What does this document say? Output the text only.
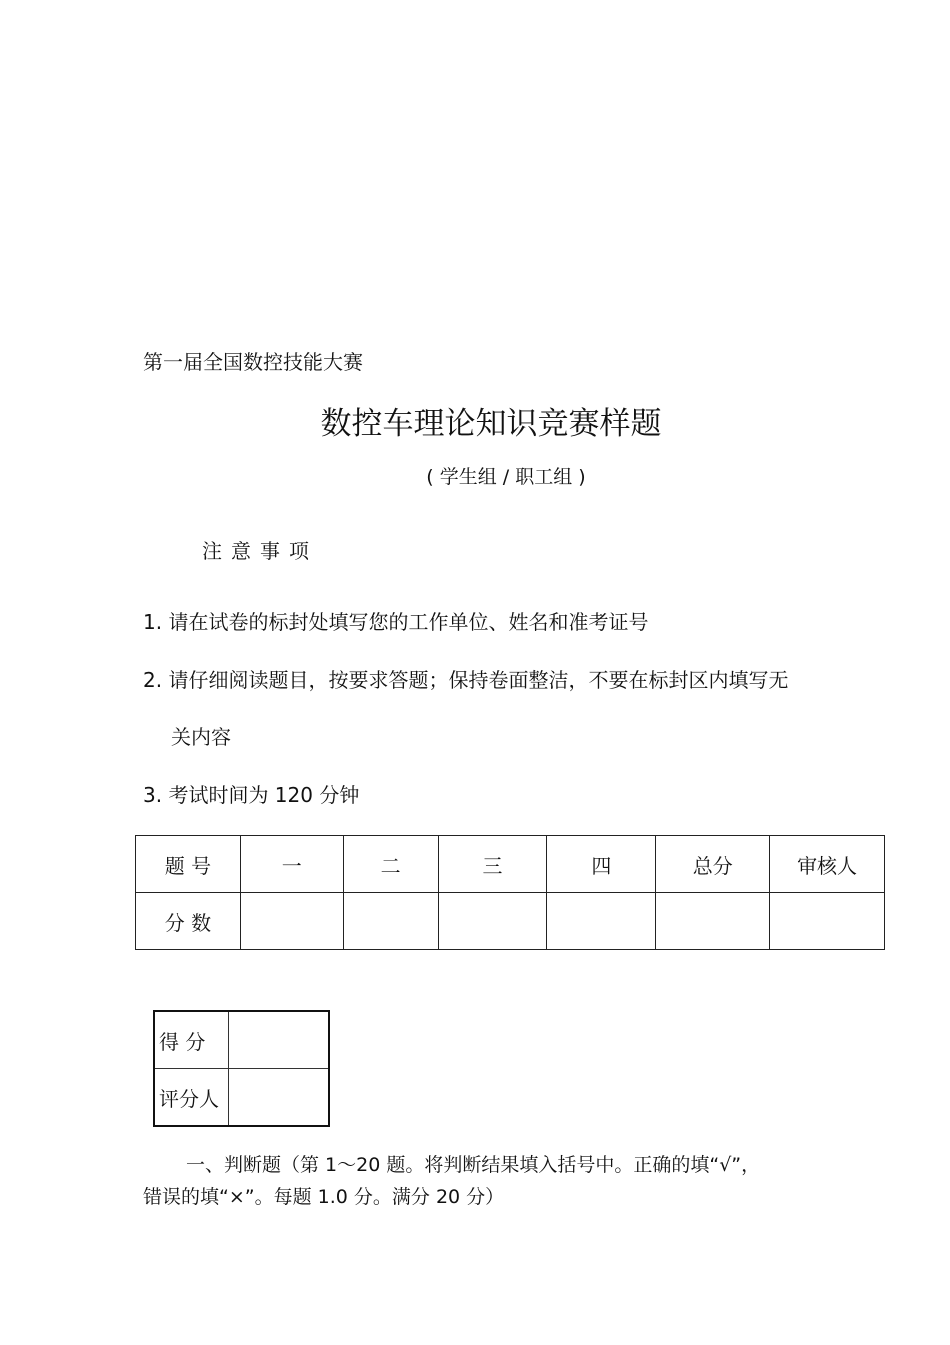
第一届全国数控技能大赛
数控车理论知识竞赛样题
( 学生组 / 职工组 )
注意事项
1. 请在试卷的标封处填写您的工作单位、姓名和准考证号
2. 请仔细阅读题目，按要求答题；保持卷面整洁，不要在标封区内填写无
关内容
3. 考试时间为 120 分钟
题 号	一	二	三	四	总分	审核人
分 数						
得 分	
评分人	
一、判断题（第 1～20 题。将判断结果填入括号中。正确的填“√”，
错误的填“×”。每题 1.0 分。满分 20 分）
